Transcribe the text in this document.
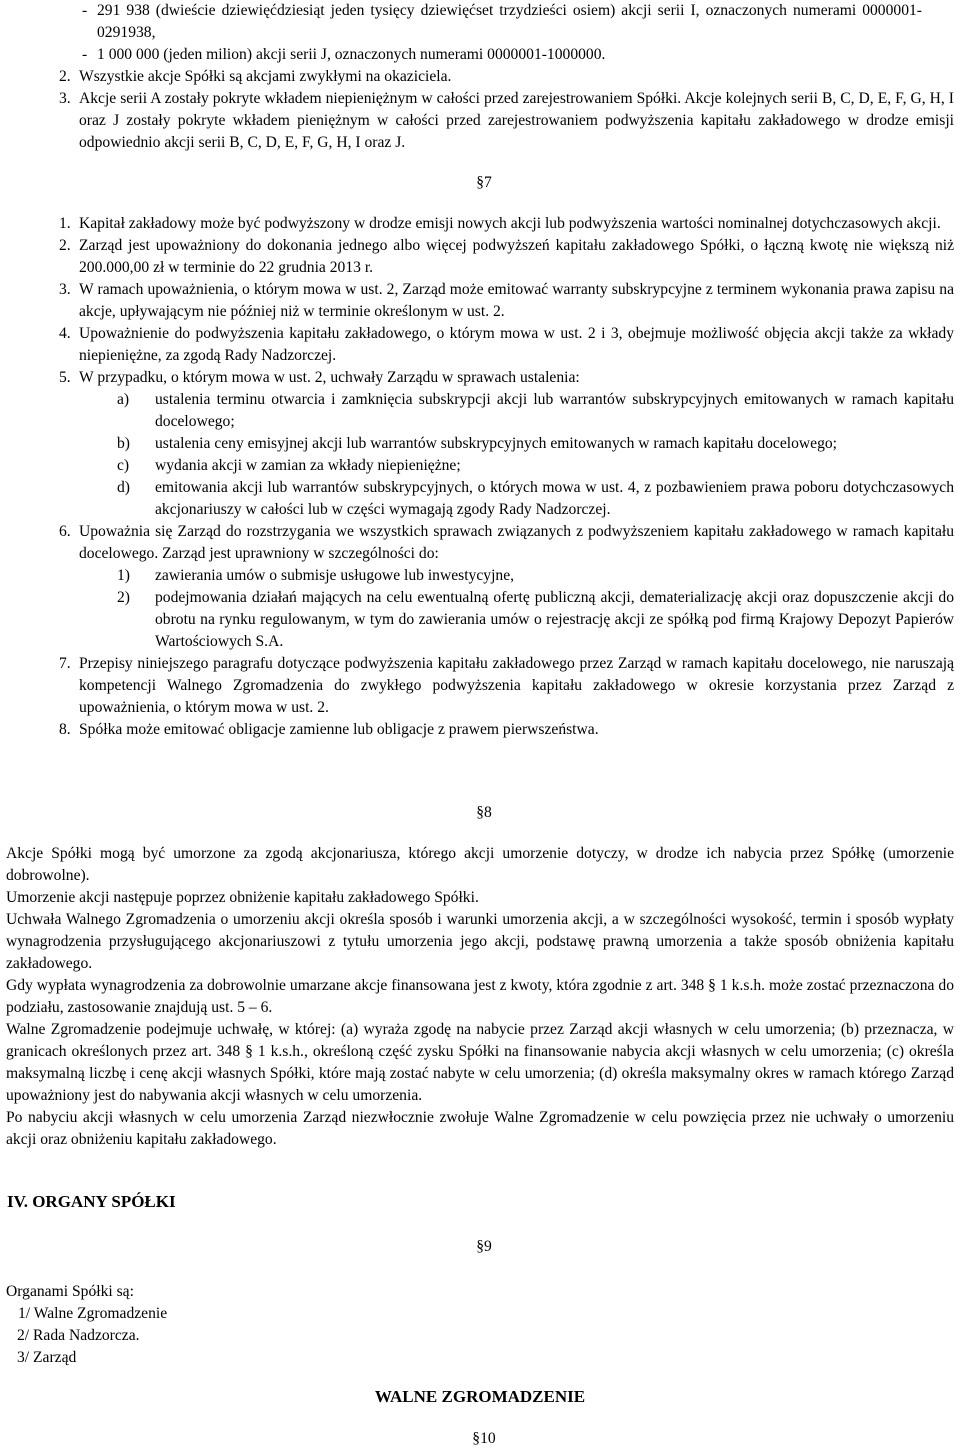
- 291 938 (dwieście dziewięćdziesiąt jeden tysięcy dziewięćset trzydzieści osiem) akcji serii I, oznaczonych numerami 0000001-0291938,
- 1 000 000 (jeden milion) akcji serii J, oznaczonych numerami 0000001-1000000.
2. Wszystkie akcje Spółki są akcjami zwykłymi na okaziciela.
3. Akcje serii A zostały pokryte wkładem niepieniężnym w całości przed zarejestrowaniem Spółki. Akcje kolejnych serii B, C, D, E, F, G, H, I oraz J zostały pokryte wkładem pieniężnym w całości przed zarejestrowaniem podwyższenia kapitału zakładowego w drodze emisji odpowiednio akcji serii B, C, D, E, F, G, H, I oraz J.
§7
1. Kapitał zakładowy może być podwyższony w drodze emisji nowych akcji lub podwyższenia wartości nominalnej dotychczasowych akcji.
2. Zarząd jest upoważniony do dokonania jednego albo więcej podwyższeń kapitału zakładowego Spółki, o łączną kwotę nie większą niż 200.000,00 zł w terminie do 22 grudnia 2013 r.
3. W ramach upoważnienia, o którym mowa w ust. 2, Zarząd może emitować warranty subskrypcyjne z terminem wykonania prawa zapisu na akcje, upływającym nie później niż w terminie określonym w ust. 2.
4. Upoważnienie do podwyższenia kapitału zakładowego, o którym mowa w ust. 2 i 3, obejmuje możliwość objęcia akcji także za wkłady niepieniężne, za zgodą Rady Nadzorczej.
5. W przypadku, o którym mowa w ust. 2, uchwały Zarządu w sprawach ustalenia:
a) ustalenia terminu otwarcia i zamknięcia subskrypcji akcji lub warrantów subskrypcyjnych emitowanych w ramach kapitału docelowego;
b) ustalenia ceny emisyjnej akcji lub warrantów subskrypcyjnych emitowanych w ramach kapitału docelowego;
c) wydania akcji w zamian za wkłady niepieniężne;
d) emitowania akcji lub warrantów subskrypcyjnych, o których mowa w ust. 4, z pozbawieniem prawa poboru dotychczasowych akcjonariuszy w całości lub w części wymagają zgody Rady Nadzorczej.
6. Upoważnia się Zarząd do rozstrzygania we wszystkich sprawach związanych z podwyższeniem kapitału zakładowego w ramach kapitału docelowego. Zarząd jest uprawniony w szczególności do:
1) zawierania umów o submisje usługowe lub inwestycyjne,
2) podejmowania działań mających na celu ewentualną ofertę publiczną akcji, dematerializację akcji oraz dopuszczenie akcji do obrotu na rynku regulowanym, w tym do zawierania umów o rejestrację akcji ze spółką pod firmą Krajowy Depozyt Papierów Wartościowych S.A.
7. Przepisy niniejszego paragrafu dotyczące podwyższenia kapitału zakładowego przez Zarząd w ramach kapitału docelowego, nie naruszają kompetencji Walnego Zgromadzenia do zwykłego podwyższenia kapitału zakładowego w okresie korzystania przez Zarząd z upoważnienia, o którym mowa w ust. 2.
8. Spółka może emitować obligacje zamienne lub obligacje z prawem pierwszeństwa.
§8
Akcje Spółki mogą być umorzone za zgodą akcjonariusza, którego akcji umorzenie dotyczy, w drodze ich nabycia przez Spółkę (umorzenie dobrowolne).
Umorzenie akcji następuje poprzez obniżenie kapitału zakładowego Spółki.
Uchwała Walnego Zgromadzenia o umorzeniu akcji określa sposób i warunki umorzenia akcji, a w szczególności wysokość, termin i sposób wypłaty wynagrodzenia przysługującego akcjonariuszowi z tytułu umorzenia jego akcji, podstawę prawną umorzenia a także sposób obniżenia kapitału zakładowego.
Gdy wypłata wynagrodzenia za dobrowolnie umarzane akcje finansowana jest z kwoty, która zgodnie z art. 348 § 1 k.s.h. może zostać przeznaczona do podziału, zastosowanie znajdują ust. 5 – 6.
Walne Zgromadzenie podejmuje uchwałę, w której: (a) wyraża zgodę na nabycie przez Zarząd akcji własnych w celu umorzenia; (b) przeznacza, w granicach określonych przez art. 348 § 1 k.s.h., określoną część zysku Spółki na finansowanie nabycia akcji własnych w celu umorzenia; (c) określa maksymalną liczbę i cenę akcji własnych Spółki, które mają zostać nabyte w celu umorzenia; (d) określa maksymalny okres w ramach którego Zarząd upoważniony jest do nabywania akcji własnych w celu umorzenia.
Po nabyciu akcji własnych w celu umorzenia Zarząd niezwłocznie zwołuje Walne Zgromadzenie w celu powzięcia przez nie uchwały o umorzeniu akcji oraz obniżeniu kapitału zakładowego.
IV. ORGANY SPÓŁKI
§9
Organami Spółki są:
1/ Walne Zgromadzenie
2/ Rada Nadzorcza.
3/ Zarząd
WALNE ZGROMADZENIE
§10
